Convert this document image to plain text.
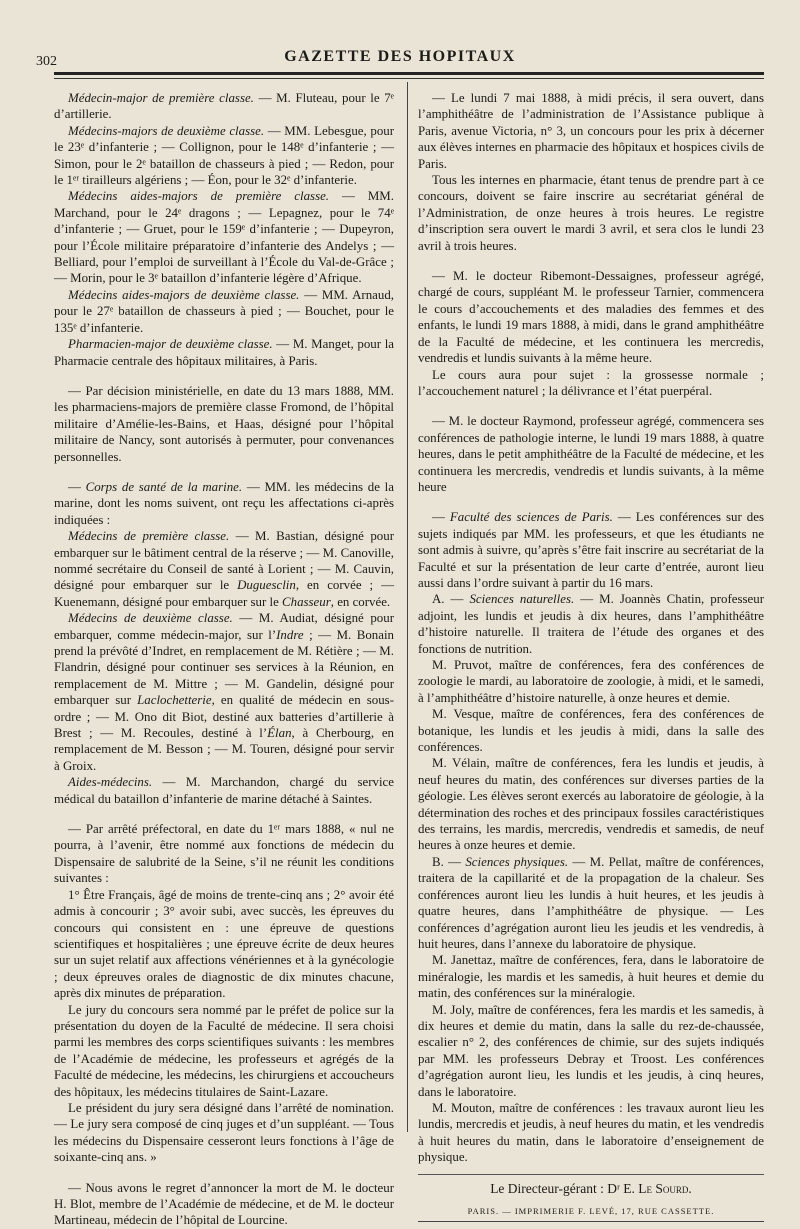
302	GAZETTE DES HOPITAUX

Médecin-major de première classe. — M. Fluteau, pour le 7ᵉ d’artillerie.

Médecins-majors de deuxième classe. — MM. Lebesgue, pour le 23ᵉ d’infanterie ; — Collignon, pour le 148ᵉ d’infanterie ; — Simon, pour le 2ᵉ bataillon de chasseurs à pied ; — Redon, pour le 1ᵉʳ tirailleurs algériens ; — Éon, pour le 32ᵉ d’infanterie.

Médecins aides-majors de première classe. — MM. Marchand, pour le 24ᵉ dragons ; — Lepagnez, pour le 74ᵉ d’infanterie ; — Gruet, pour le 159ᵉ d’infanterie ; — Dupeyron, pour l’École militaire préparatoire d’infanterie des Andelys ; — Belliard, pour l’emploi de surveillant à l’École du Val-de-Grâce ; — Morin, pour le 3ᵉ bataillon d’infanterie légère d’Afrique.

Médecins aides-majors de deuxième classe. — MM. Arnaud, pour le 27ᵉ bataillon de chasseurs à pied ; — Bouchet, pour le 135ᵉ d’infanterie.

Pharmacien-major de deuxième classe. — M. Manget, pour la Pharmacie centrale des hôpitaux militaires, à Paris.

— Par décision ministérielle, en date du 13 mars 1888, MM. les pharmaciens-majors de première classe Fromond, de l’hôpital militaire d’Amélie-les-Bains, et Haas, désigné pour l’hôpital militaire de Nancy, sont autorisés à permuter, pour convenances personnelles.

— Corps de santé de la marine. — MM. les médecins de la marine, dont les noms suivent, ont reçu les affectations ci-après indiquées :

Médecins de première classe. — M. Bastian, désigné pour embarquer sur le bâtiment central de la réserve ; — M. Canoville, nommé secrétaire du Conseil de santé à Lorient ; — M. Cauvin, désigné pour embarquer sur le Duguesclin, en corvée ; — Kuenemann, désigné pour embarquer sur le Chasseur, en corvée.

Médecins de deuxième classe. — M. Audiat, désigné pour embarquer, comme médecin-major, sur l’Indre ; — M. Bonain prend la prévôté d’Indret, en remplacement de M. Rétière ; — M. Flandrin, désigné pour continuer ses services à la Réunion, en remplacement de M. Mittre ; — M. Gandelin, désigné pour embarquer sur Laclochetterie, en qualité de médecin en sous-ordre ; — M. Ono dit Biot, destiné aux batteries d’artillerie à Brest ; — M. Recoules, destiné à l’Élan, à Cherbourg, en remplacement de M. Besson ; — M. Touren, désigné pour servir à Groix.

Aides-médecins. — M. Marchandon, chargé du service médical du bataillon d’infanterie de marine détaché à Saintes.

— Par arrêté préfectoral, en date du 1ᵉʳ mars 1888, « nul ne pourra, à l’avenir, être nommé aux fonctions de médecin du Dispensaire de salubrité de la Seine, s’il ne réunit les conditions suivantes :

1° Être Français, âgé de moins de trente-cinq ans ; 2° avoir été admis à concourir ; 3° avoir subi, avec succès, les épreuves du concours qui consistent en : une épreuve de questions scientifiques et hospitalières ; une épreuve écrite de deux heures sur un sujet relatif aux affections vénériennes et à la gynécologie ; deux épreuves orales de diagnostic de dix minutes chacune, après dix minutes de préparation.

Le jury du concours sera nommé par le préfet de police sur la présentation du doyen de la Faculté de médecine. Il sera choisi parmi les membres des corps scientifiques suivants : les membres de l’Académie de médecine, les professeurs et agrégés de la Faculté de médecine, les médecins, les chirurgiens et accoucheurs des hôpitaux, les médecins titulaires de Saint-Lazare.

Le président du jury sera désigné dans l’arrêté de nomination. — Le jury sera composé de cinq juges et d’un suppléant. — Tous les médecins du Dispensaire cesseront leurs fonctions à l’âge de soixante-cinq ans. »

— Nous avons le regret d’annoncer la mort de M. le docteur H. Blot, membre de l’Académie de médecine, et de M. le docteur Martineau, médecin de l’hôpital de Lourcine.

— Le lundi 7 mai 1888, à midi précis, il sera ouvert, dans l’amphithéâtre de l’administration de l’Assistance publique à Paris, avenue Victoria, n° 3, un concours pour les prix à décerner aux élèves internes en pharmacie des hôpitaux et hospices civils de Paris.

Tous les internes en pharmacie, étant tenus de prendre part à ce concours, doivent se faire inscrire au secrétariat général de l’Administration, de onze heures à trois heures. Le registre d’inscription sera ouvert le mardi 3 avril, et sera clos le lundi 23 avril à trois heures.

— M. le docteur Ribemont-Dessaignes, professeur agrégé, chargé de cours, suppléant M. le professeur Tarnier, commencera le cours d’accouchements et des maladies des femmes et des enfants, le lundi 19 mars 1888, à midi, dans le grand amphithéâtre de la Faculté de médecine, et les continuera les mercredis, vendredis et lundis suivants à la même heure.

Le cours aura pour sujet : la grossesse normale ; l’accouchement naturel ; la délivrance et l’état puerpéral.

— M. le docteur Raymond, professeur agrégé, commencera ses conférences de pathologie interne, le lundi 19 mars 1888, à quatre heures, dans le petit amphithéâtre de la Faculté de médecine, et les continuera les mercredis, vendredis et lundis suivants, à la même heure

— Faculté des sciences de Paris. — Les conférences sur des sujets indiqués par MM. les professeurs, et que les étudiants ne sont admis à suivre, qu’après s’être fait inscrire au secrétariat de la Faculté et sur la présentation de leur carte d’entrée, auront lieu aussi dans l’ordre suivant à partir du 16 mars.

A. — Sciences naturelles. — M. Joannès Chatin, professeur adjoint, les lundis et jeudis à dix heures, dans l’amphithéâtre d’histoire naturelle. Il traitera de l’étude des organes et des fonctions de nutrition.

M. Pruvot, maître de conférences, fera des conférences de zoologie le mardi, au laboratoire de zoologie, à midi, et le samedi, à l’amphithéâtre d’histoire naturelle, à onze heures et demie.

M. Vesque, maître de conférences, fera des conférences de botanique, les lundis et les jeudis à midi, dans la salle des conférences.

M. Vélain, maître de conférences, fera les lundis et jeudis, à neuf heures du matin, des conférences sur diverses parties de la géologie. Les élèves seront exercés au laboratoire de géologie, à la détermination des roches et des principaux fossiles caractéristiques des terrains, les mardis, mercredis, vendredis et samedis, de neuf heures à onze heures et demie.

B. — Sciences physiques. — M. Pellat, maître de conférences, traitera de la capillarité et de la propagation de la chaleur. Ses conférences auront lieu les lundis à huit heures, et les jeudis à quatre heures, dans l’amphithéâtre de physique. — Les conférences d’agrégation auront lieu les jeudis et les vendredis, à huit heures, dans l’annexe du laboratoire de physique.

M. Janettaz, maître de conférences, fera, dans le laboratoire de minéralogie, les mardis et les samedis, à huit heures et demie du matin, des conférences sur la minéralogie.

M. Joly, maître de conférences, fera les mardis et les samedis, à dix heures et demie du matin, dans la salle du rez-de-chaussée, escalier n° 2, des conférences de chimie, sur des sujets indiqués par MM. les professeurs Debray et Troost. Les conférences d’agrégation auront lieu, les lundis et les jeudis, à cinq heures, dans le laboratoire.

M. Mouton, maître de conférences : les travaux auront lieu les lundis, mercredis et jeudis, à neuf heures du matin, et les vendredis à huit heures du matin, dans le laboratoire d’enseignement de physique.

Le Directeur-gérant : Dʳ E. Le Sourd.
PARIS. — IMPRIMERIE F. LEVÉ, 17, RUE CASSETTE.
